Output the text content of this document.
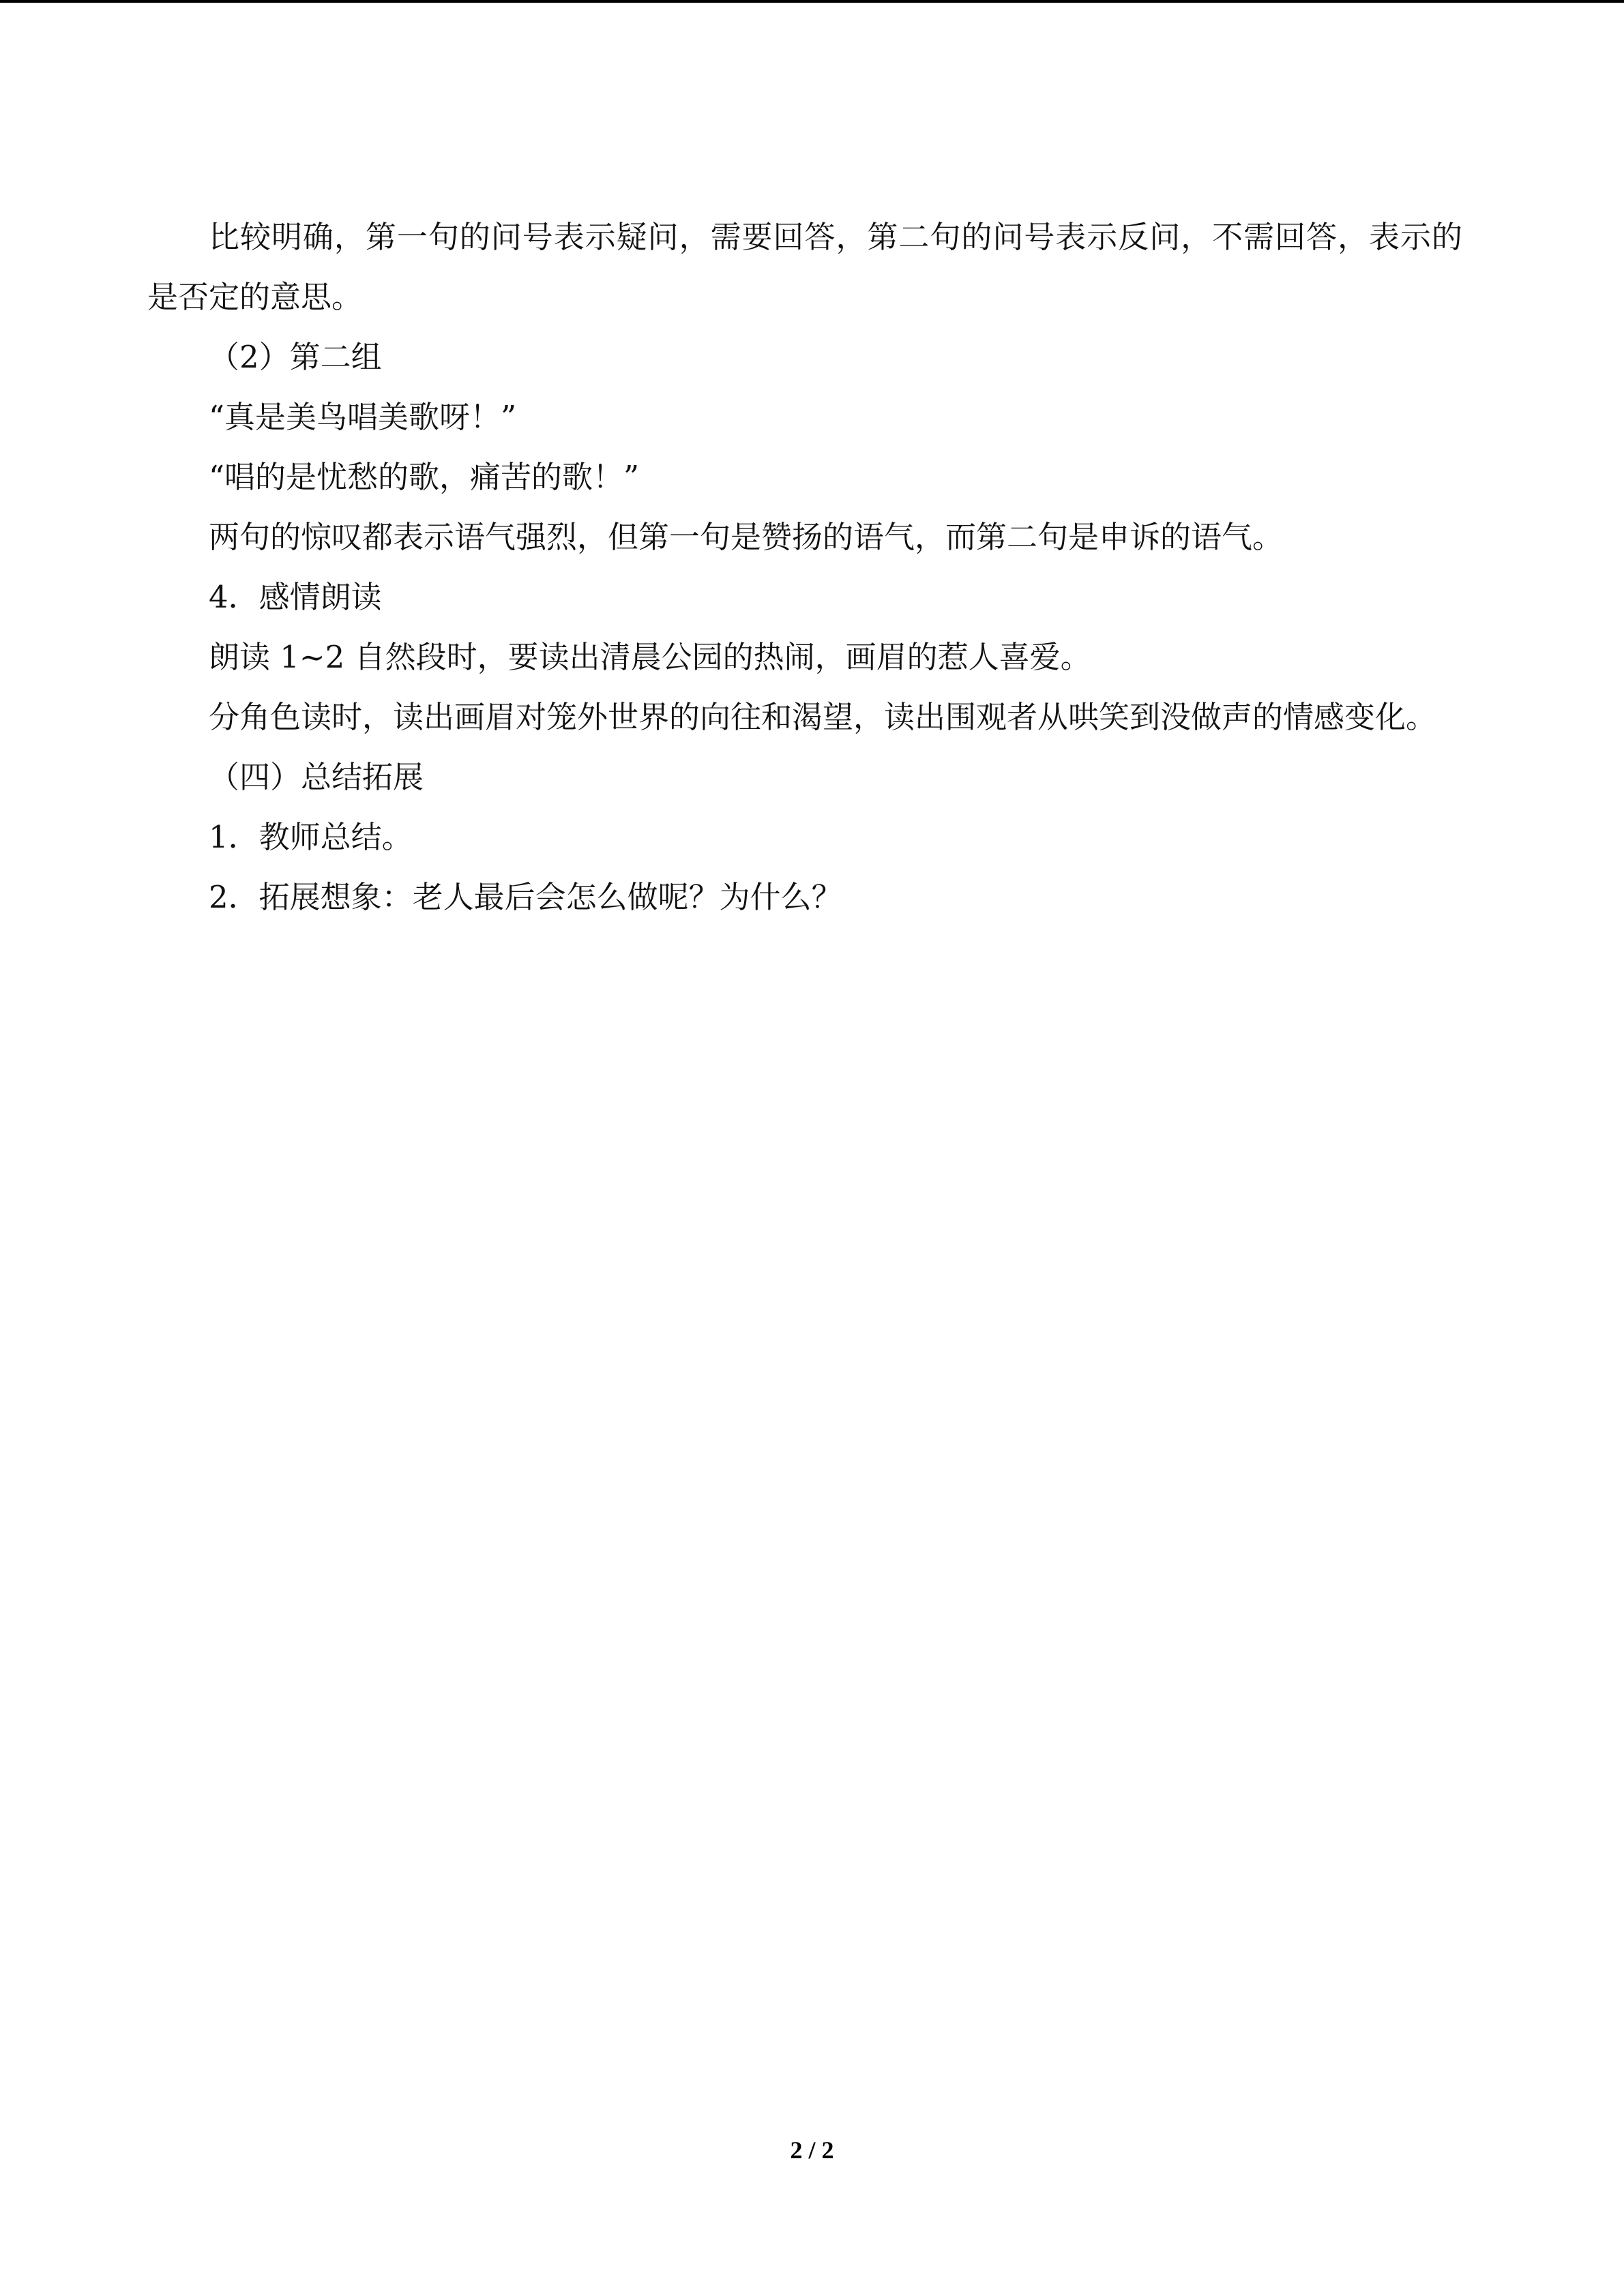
比较明确，第一句的问号表示疑问，需要回答，第二句的问号表示反问，不需回答，表示的是否定的意思。

（2）第二组

“真是美鸟唱美歌呀！”

“唱的是忧愁的歌，痛苦的歌！”

两句的惊叹都表示语气强烈，但第一句是赞扬的语气，而第二句是申诉的语气。

4．感情朗读

朗读 1~2 自然段时，要读出清晨公园的热闹，画眉的惹人喜爱。

分角色读时，读出画眉对笼外世界的向往和渴望，读出围观者从哄笑到没做声的情感变化。

（四）总结拓展

1．教师总结。

2．拓展想象：老人最后会怎么做呢？为什么？

2 / 2
